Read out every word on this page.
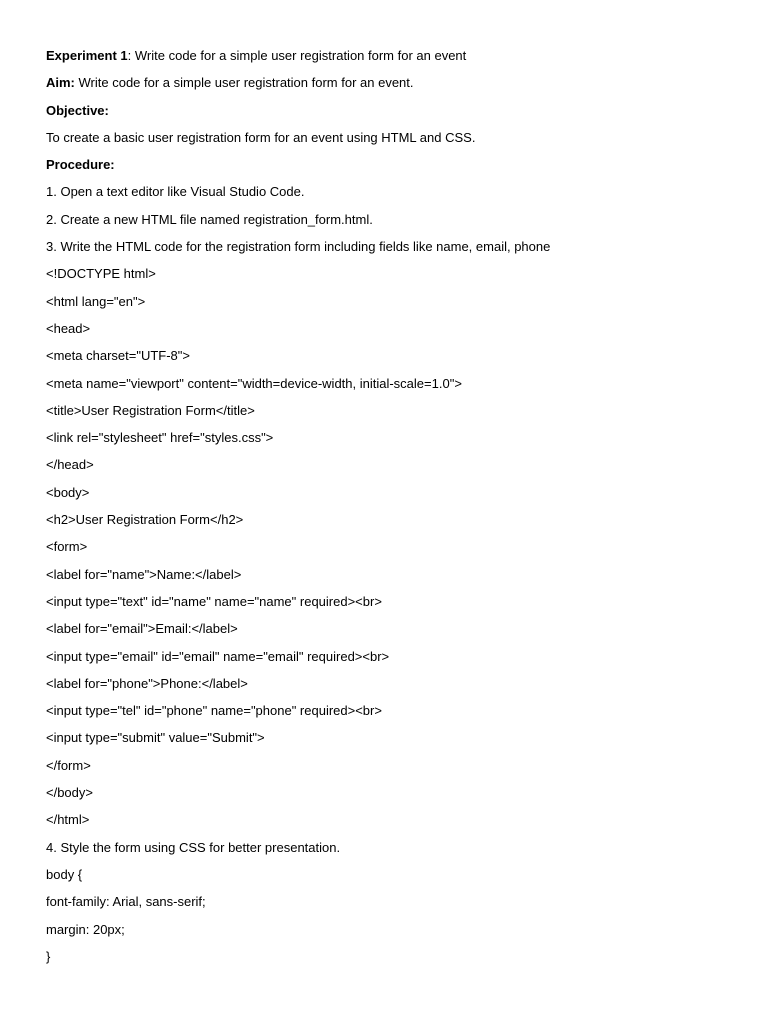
Experiment 1: Write code for a simple user registration form for an event

Aim: Write code for a simple user registration form for an event.

Objective:

To create a basic user registration form for an event using HTML and CSS.

Procedure:

1. Open a text editor like Visual Studio Code.

2. Create a new HTML file named registration_form.html.

3. Write the HTML code for the registration form including fields like name, email, phone

<!DOCTYPE html>

<html lang="en">

<head>

<meta charset="UTF-8">

<meta name="viewport" content="width=device-width, initial-scale=1.0">

<title>User Registration Form</title>

<link rel="stylesheet" href="styles.css">

</head>

<body>

<h2>User Registration Form</h2>

<form>

<label for="name">Name:</label>

<input type="text" id="name" name="name" required><br>

<label for="email">Email:</label>

<input type="email" id="email" name="email" required><br>

<label for="phone">Phone:</label>

<input type="tel" id="phone" name="phone" required><br>

<input type="submit" value="Submit">

</form>

</body>

</html>

4. Style the form using CSS for better presentation.

body {

font-family: Arial, sans-serif;

margin: 20px;

}
